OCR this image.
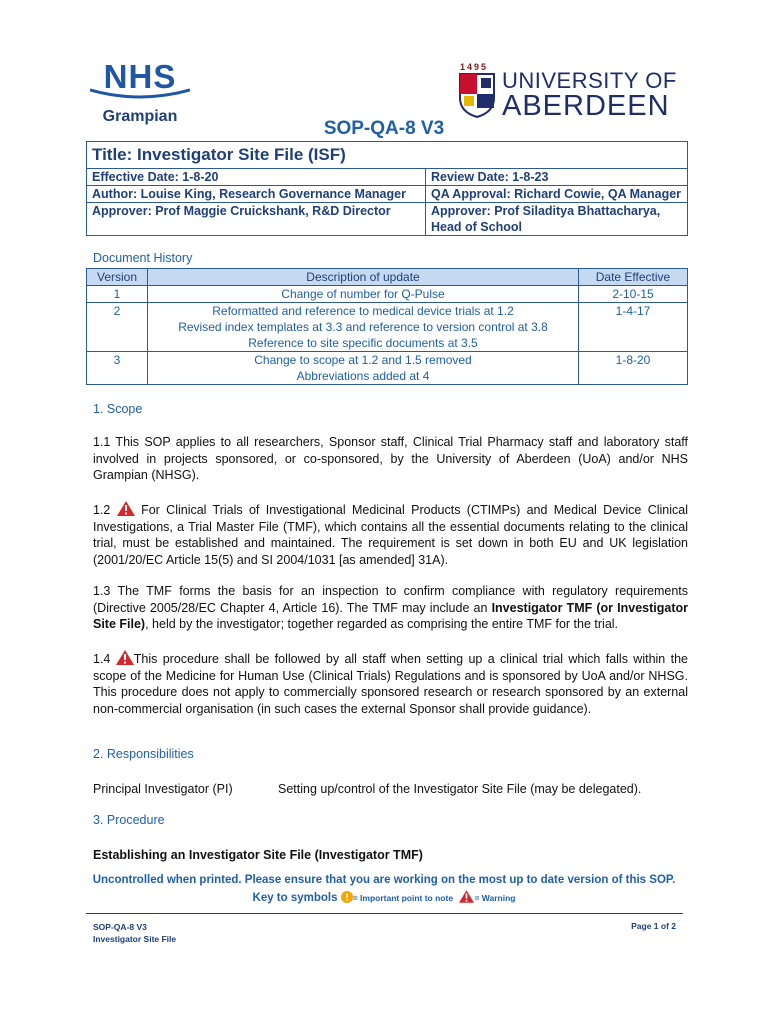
NHS
Grampian
1495
UNIVERSITY OF
ABERDEEN
SOP-QA-8 V3
Title: Investigator Site File (ISF)	
Effective Date: 1-8-20	Review Date: 1-8-23
Author: Louise King, Research Governance Manager	QA Approval: Richard Cowie, QA Manager
Approver: Prof Maggie Cruickshank, R&D Director	Approver: Prof Siladitya Bhattacharya,
Head of School
Document History
Version	Description of update	Date Effective
1	Change of number for Q-Pulse	2-10-15
2	Reformatted and reference to medical device trials at 1.2
Revised index templates at 3.3 and reference to version control at 3.8
Reference to site specific documents at 3.5	1-4-17
3	Change to scope at 1.2 and 1.5 removed
Abbreviations added at 4	1-8-20
1. Scope
1.1 This SOP applies to all researchers, Sponsor staff, Clinical Trial Pharmacy staff and laboratory staff involved in projects sponsored, or co-sponsored, by the University of Aberdeen (UoA) and/or NHS Grampian (NHSG).
1.2 For Clinical Trials of Investigational Medicinal Products (CTIMPs) and Medical Device Clinical Investigations, a Trial Master File (TMF), which contains all the essential documents relating to the clinical trial, must be established and maintained. The requirement is set down in both EU and UK legislation (2001/20/EC Article 15(5) and SI 2004/1031 [as amended] 31A).
1.3 The TMF forms the basis for an inspection to confirm compliance with regulatory requirements (Directive 2005/28/EC Chapter 4, Article 16). The TMF may include an Investigator TMF (or Investigator Site File), held by the investigator; together regarded as comprising the entire TMF for the trial.
1.4 This procedure shall be followed by all staff when setting up a clinical trial which falls within the scope of the Medicine for Human Use (Clinical Trials) Regulations and is sponsored by UoA and/or NHSG. This procedure does not apply to commercially sponsored research or research sponsored by an external non-commercial organisation (in such cases the external Sponsor shall provide guidance).
2. Responsibilities
Principal Investigator (PI)	Setting up/control of the Investigator Site File (may be delegated).
3. Procedure
Establishing an Investigator Site File (Investigator TMF)
Uncontrolled when printed. Please ensure that you are working on the most up to date version of this SOP.
Key to symbols = Important point to note	= Warning
SOP-QA-8 V3
Investigator Site File
Page 1 of 2
